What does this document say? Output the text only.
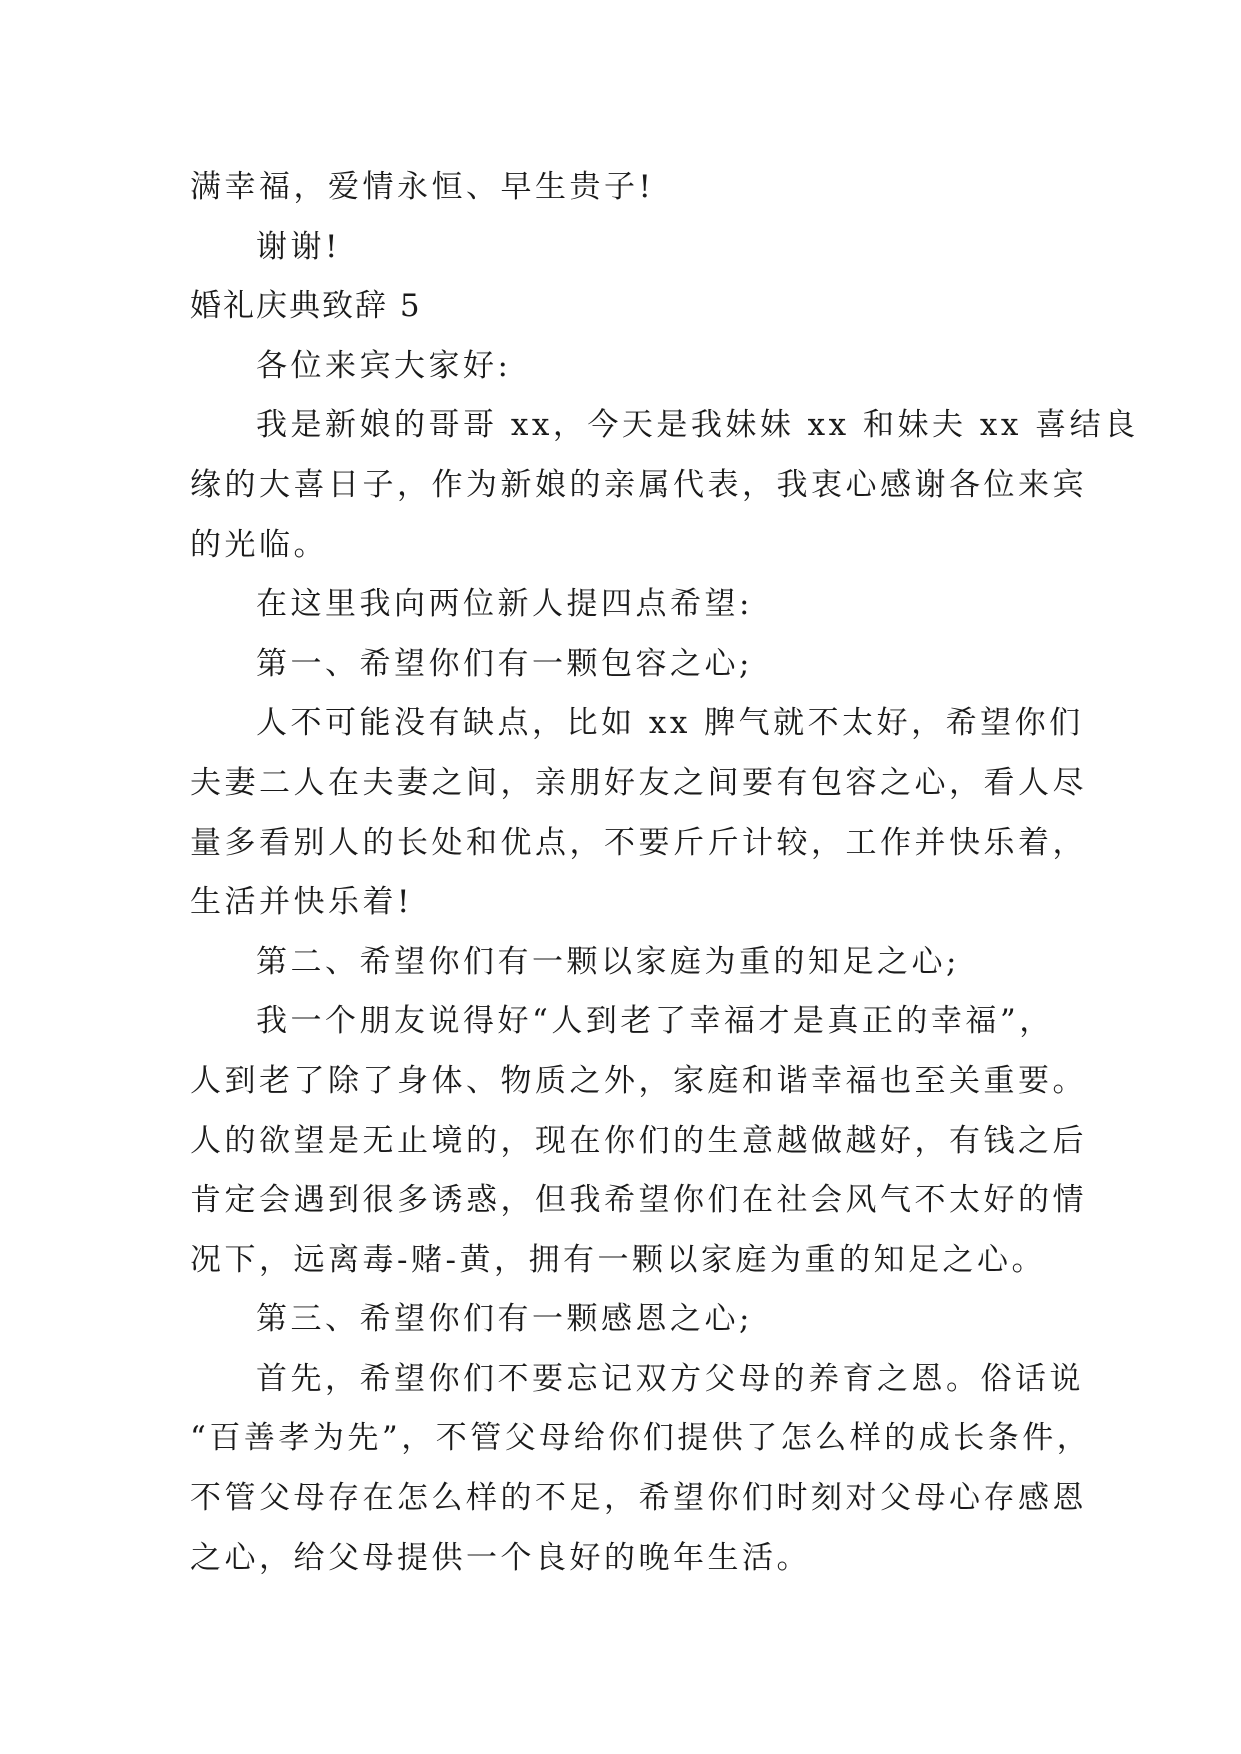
满幸福，爱情永恒、早生贵子!
谢谢!
婚礼庆典致辞 5
各位来宾大家好:
我是新娘的哥哥 xx，今天是我妹妹 xx 和妹夫 xx 喜结良
缘的大喜日子，作为新娘的亲属代表，我衷心感谢各位来宾
的光临。
在这里我向两位新人提四点希望:
第一、希望你们有一颗包容之心;
人不可能没有缺点，比如 xx 脾气就不太好，希望你们
夫妻二人在夫妻之间，亲朋好友之间要有包容之心，看人尽
量多看别人的长处和优点，不要斤斤计较，工作并快乐着，
生活并快乐着!
第二、希望你们有一颗以家庭为重的知足之心;
我一个朋友说得好“人到老了幸福才是真正的幸福”，
人到老了除了身体、物质之外，家庭和谐幸福也至关重要。
人的欲望是无止境的，现在你们的生意越做越好，有钱之后
肯定会遇到很多诱惑，但我希望你们在社会风气不太好的情
况下，远离毒-赌-黄，拥有一颗以家庭为重的知足之心。
第三、希望你们有一颗感恩之心;
首先，希望你们不要忘记双方父母的养育之恩。俗话说
“百善孝为先”，不管父母给你们提供了怎么样的成长条件，
不管父母存在怎么样的不足，希望你们时刻对父母心存感恩
之心，给父母提供一个良好的晚年生活。
